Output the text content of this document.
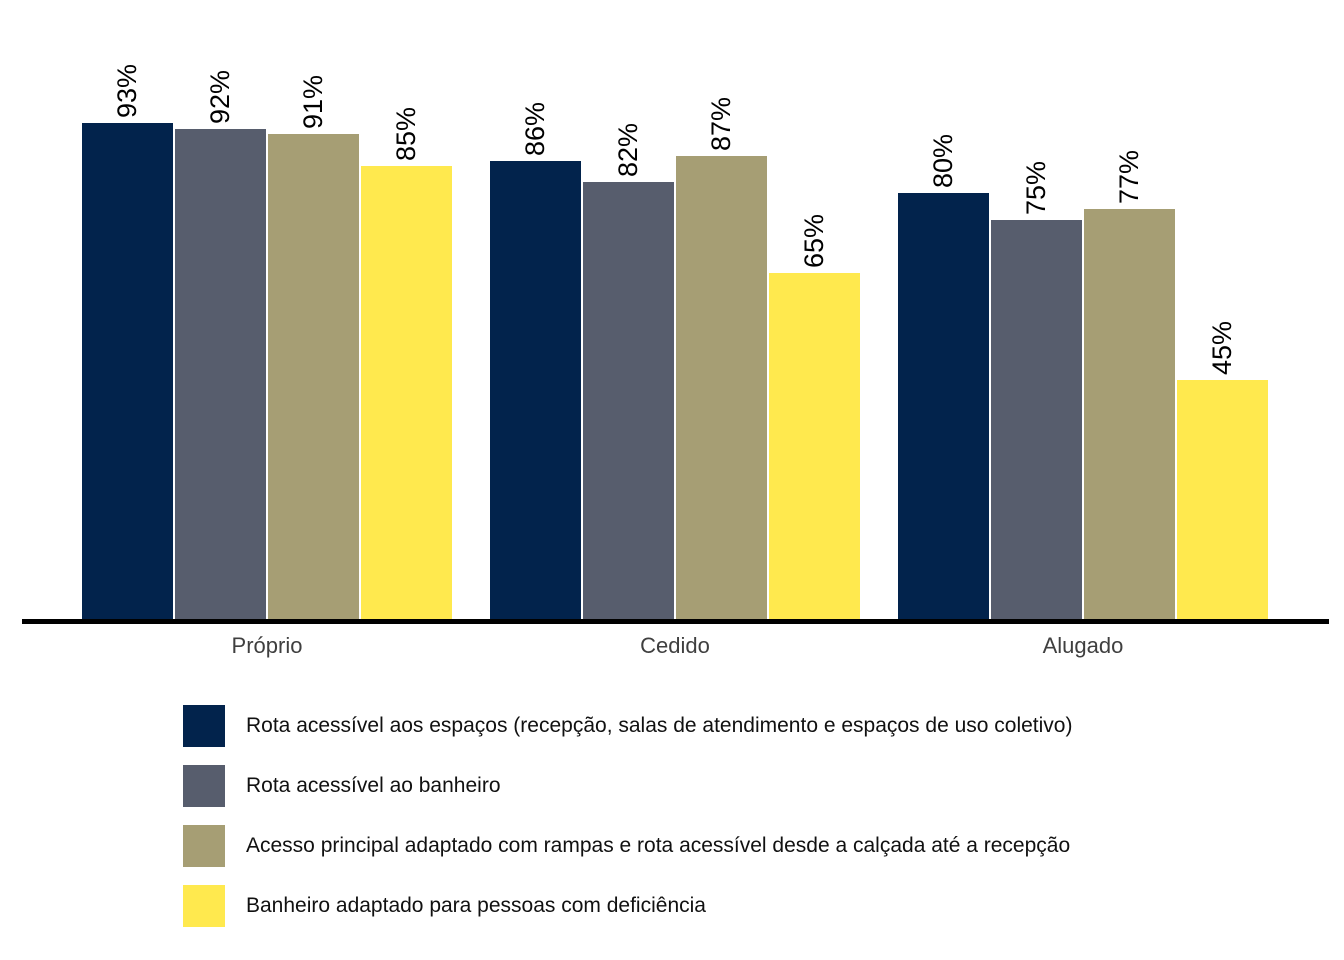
93% 92% 91%
85%	86% 82% 87%
65%
80% 75% 77%
45%
Próprio	Cedido	Alugado
Rota acessível aos espaços (recepção, salas de atendimento e espaços de uso coletivo)
Rota acessível ao banheiro
Acesso principal adaptado com rampas e rota acessível desde a calçada até a recepção
Banheiro adaptado para pessoas com deficiência
